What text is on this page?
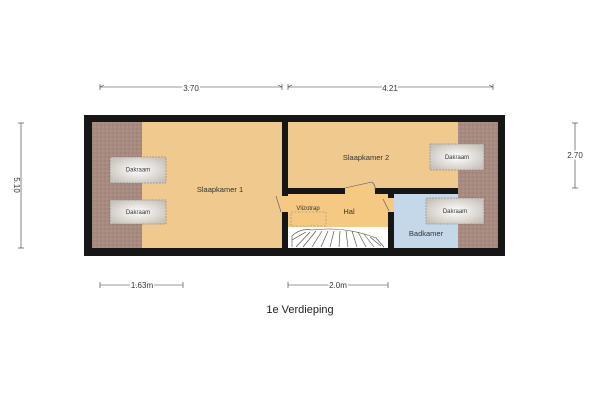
Dakraam
Dakraam
Dakraam
Dakraam
Slaapkamer 1
Slaapkamer 2
Hal
Vlizotrap
Badkamer
3.70	4.21
5.10
2.70
1.63m	2.0m
1e Verdieping
